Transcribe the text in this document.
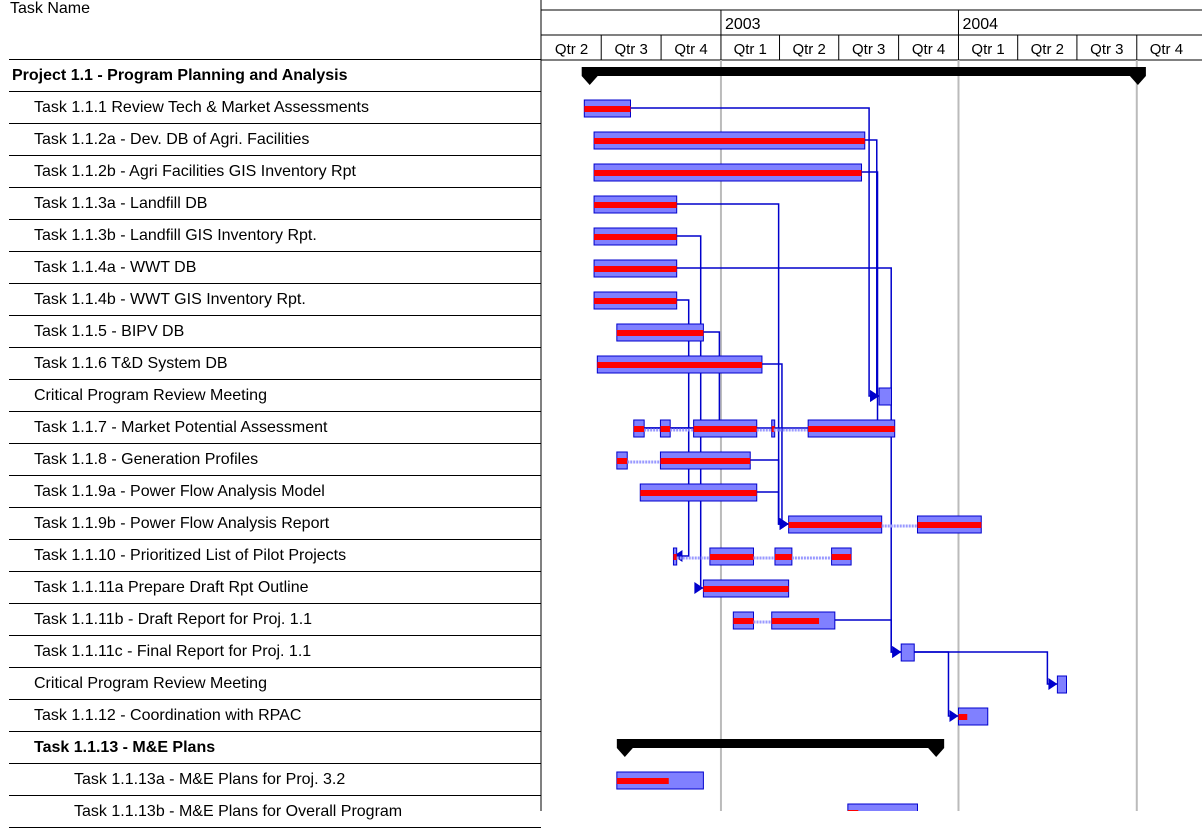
Task Name
Project 1.1 - Program Planning and Analysis
Task 1.1.1 Review Tech & Market Assessments
Task 1.1.2a - Dev. DB of Agri. Facilities
Task 1.1.2b - Agri Facilities GIS Inventory Rpt
Task 1.1.3a - Landfill DB
Task 1.1.3b - Landfill GIS Inventory Rpt.
Task 1.1.4a - WWT DB
Task 1.1.4b - WWT GIS Inventory Rpt.
Task 1.1.5 - BIPV DB
Task 1.1.6 T&D System DB
Critical Program Review Meeting
Task 1.1.7 - Market Potential Assessment
Task 1.1.8 - Generation Profiles
Task 1.1.9a - Power Flow Analysis Model
Task 1.1.9b - Power Flow Analysis Report
Task 1.1.10 - Prioritized List of Pilot Projects
Task 1.1.11a Prepare Draft Rpt Outline
Task 1.1.11b - Draft Report for Proj. 1.1
Task 1.1.11c - Final Report for Proj. 1.1
Critical Program Review Meeting
Task 1.1.12 - Coordination with RPAC
Task 1.1.13 - M&E Plans
Task 1.1.13a - M&E Plans for Proj. 3.2
Task 1.1.13b - M&E Plans for Overall Program
2003	2004
Qtr 2 Qtr 3 Qtr 4 Qtr 1 Qtr 2 Qtr 3 Qtr 4 Qtr 1 Qtr 2 Qtr 3 Qtr 4
